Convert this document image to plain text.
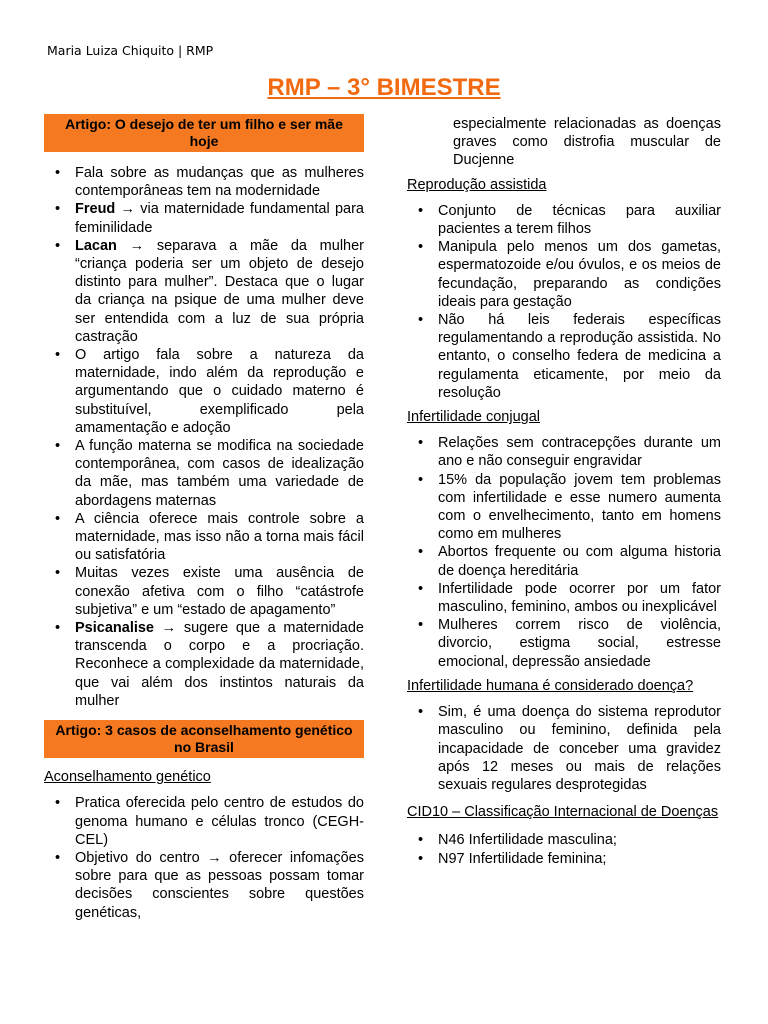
Maria Luiza Chiquito | RMP
RMP – 3° BIMESTRE
Artigo: O desejo de ter um filho e ser mãe hoje
• Fala sobre as mudanças que as mulheres contemporâneas tem na modernidade
• Freud → via maternidade fundamental para feminilidade
• Lacan → separava a mãe da mulher “criança poderia ser um objeto de desejo distinto para mulher”. Destaca que o lugar da criança na psique de uma mulher deve ser entendida com a luz de sua própria castração
• O artigo fala sobre a natureza da maternidade, indo além da reprodução e argumentando que o cuidado materno é substituível, exemplificado pela amamentação e adoção
• A função materna se modifica na sociedade contemporânea, com casos de idealização da mãe, mas também uma variedade de abordagens maternas
• A ciência oferece mais controle sobre a maternidade, mas isso não a torna mais fácil ou satisfatória
• Muitas vezes existe uma ausência de conexão afetiva com o filho “catástrofe subjetiva” e um “estado de apagamento”
• Psicanalise → sugere que a maternidade transcenda o corpo e a procriação. Reconhece a complexidade da maternidade, que vai além dos instintos naturais da mulher
Artigo: 3 casos de aconselhamento genético no Brasil
Aconselhamento genético
• Pratica oferecida pelo centro de estudos do genoma humano e células tronco (CEGH-CEL)
• Objetivo do centro → oferecer infomações sobre para que as pessoas possam tomar decisões conscientes sobre questões genéticas,
especialmente relacionadas as doenças graves como distrofia muscular de Ducjenne
Reprodução assistida
• Conjunto de técnicas para auxiliar pacientes a terem filhos
• Manipula pelo menos um dos gametas, espermatozoide e/ou óvulos, e os meios de fecundação, preparando as condições ideais para gestação
• Não há leis federais específicas regulamentando a reprodução assistida. No entanto, o conselho federa de medicina a regulamenta eticamente, por meio da resolução
Infertilidade conjugal
• Relações sem contracepções durante um ano e não conseguir engravidar
• 15% da população jovem tem problemas com infertilidade e esse numero aumenta com o envelhecimento, tanto em homens como em mulheres
• Abortos frequente ou com alguma historia de doença hereditária
• Infertilidade pode ocorrer por um fator masculino, feminino, ambos ou inexplicável
• Mulheres correm risco de violência, divorcio, estigma social, estresse emocional, depressão ansiedade
Infertilidade humana é considerado doença?
• Sim, é uma doença do sistema reprodutor masculino ou feminino, definida pela incapacidade de conceber uma gravidez após 12 meses ou mais de relações sexuais regulares desprotegidas
CID10 – Classificação Internacional de Doenças
• N46 Infertilidade masculina;
• N97 Infertilidade feminina;
